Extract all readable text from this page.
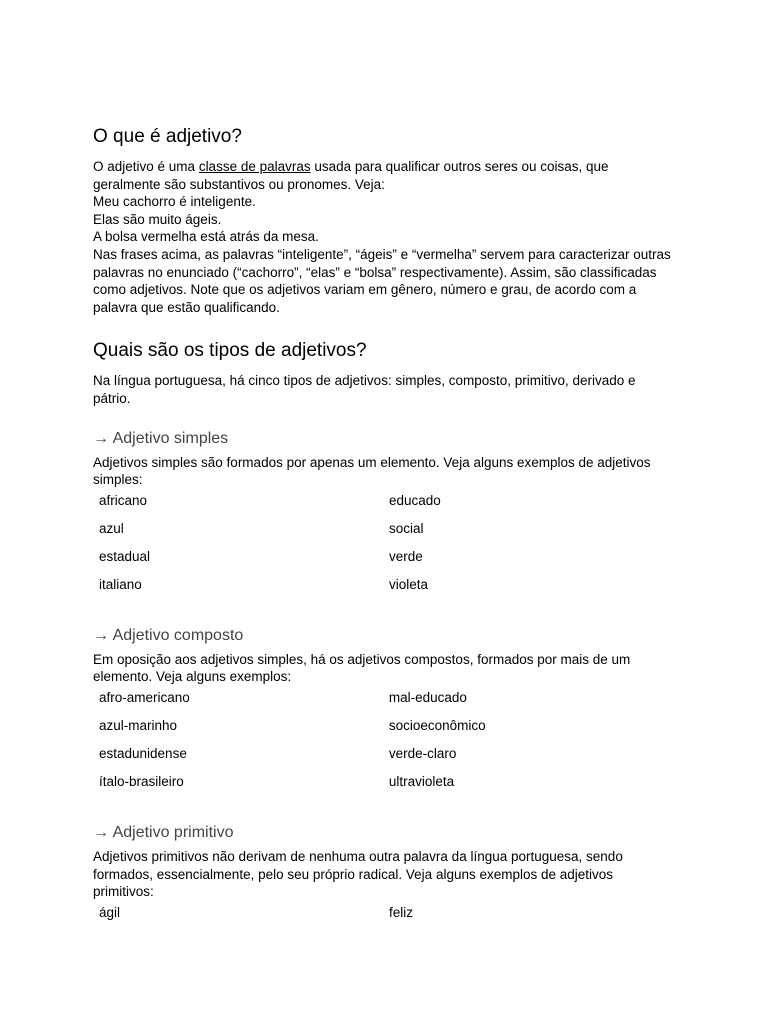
O que é adjetivo?

O adjetivo é uma classe de palavras usada para qualificar outros seres ou coisas, que geralmente são substantivos ou pronomes. Veja:

Meu cachorro é inteligente.

Elas são muito ágeis.

A bolsa vermelha está atrás da mesa.

Nas frases acima, as palavras “inteligente”, “ágeis” e “vermelha” servem para caracterizar outras palavras no enunciado (“cachorro”, “elas” e “bolsa” respectivamente). Assim, são classificadas como adjetivos. Note que os adjetivos variam em gênero, número e grau, de acordo com a palavra que estão qualificando.

Quais são os tipos de adjetivos?

Na língua portuguesa, há cinco tipos de adjetivos: simples, composto, primitivo, derivado e pátrio.

→ Adjetivo simples

Adjetivos simples são formados por apenas um elemento. Veja alguns exemplos de adjetivos simples:

africano	educado
azul	social
estadual	verde
italiano	violeta
→ Adjetivo composto

Em oposição aos adjetivos simples, há os adjetivos compostos, formados por mais de um elemento. Veja alguns exemplos:

afro-americano	mal-educado
azul-marinho	socioeconômico
estadunidense	verde-claro
ítalo-brasileiro	ultravioleta
→ Adjetivo primitivo

Adjetivos primitivos não derivam de nenhuma outra palavra da língua portuguesa, sendo formados, essencialmente, pelo seu próprio radical. Veja alguns exemplos de adjetivos primitivos:

ágil	feliz
